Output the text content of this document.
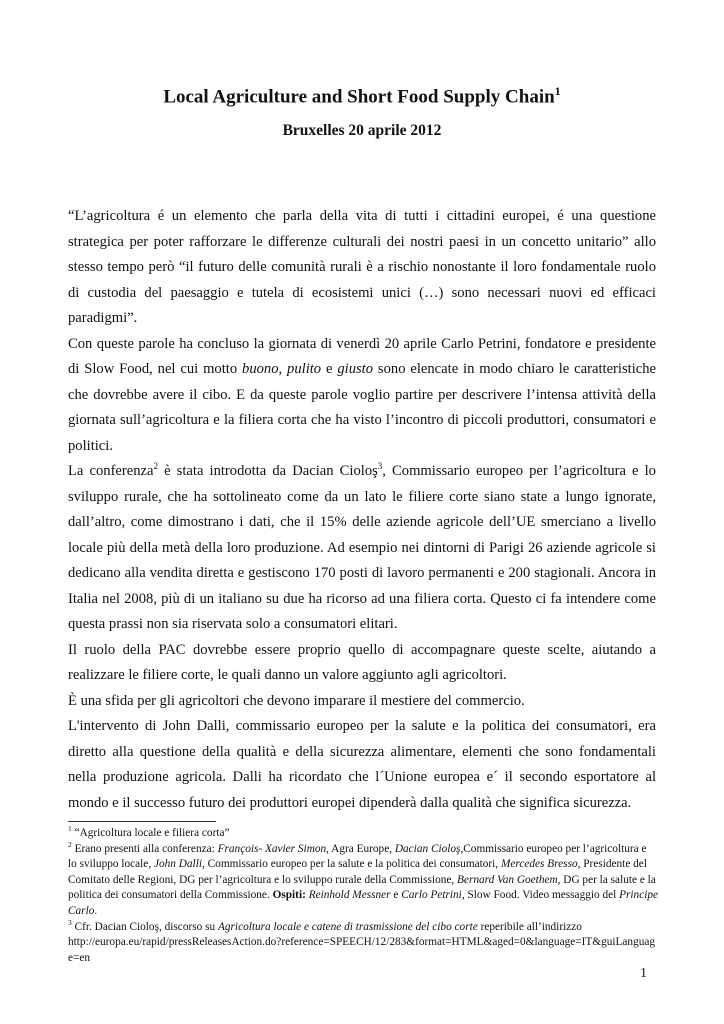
Local Agriculture and Short Food Supply Chain$^1$
Bruxelles 20 aprile 2012

“L’agricoltura é un elemento che parla della vita di tutti i cittadini europei, é una questione strategica per poter rafforzare le differenze culturali dei nostri paesi in un concetto unitario” allo stesso tempo però “il futuro delle comunità rurali è a rischio nonostante il loro fondamentale ruolo di custodia del paesaggio e tutela di ecosistemi unici (…) sono necessari nuovi ed efficaci paradigmi”.

Con queste parole ha concluso la giornata di venerdì 20 aprile Carlo Petrini, fondatore e presidente di Slow Food, nel cui motto buono, pulito e giusto sono elencate in modo chiaro le caratteristiche che dovrebbe avere il cibo. E da queste parole voglio partire per descrivere l’intensa attività della giornata sull’agricoltura e la filiera corta che ha visto l’incontro di piccoli produttori, consumatori e politici.

La conferenza$^2$ è stata introdotta da Dacian Cioloş$^3$, Commissario europeo per l’agricoltura e lo sviluppo rurale, che ha sottolineato come da un lato le filiere corte siano state a lungo ignorate, dall’altro, come dimostrano i dati, che il 15% delle aziende agricole dell’UE smerciano a livello locale più della metà della loro produzione. Ad esempio nei dintorni di Parigi 26 aziende agricole si dedicano alla vendita diretta e gestiscono 170 posti di lavoro permanenti e 200 stagionali. Ancora in Italia nel 2008, più di un italiano su due ha ricorso ad una filiera corta. Questo ci fa intendere come questa prassi non sia riservata solo a consumatori elitari.

Il ruolo della PAC dovrebbe essere proprio quello di accompagnare queste scelte, aiutando a realizzare le filiere corte, le quali danno un valore aggiunto agli agricoltori.

È una sfida per gli agricoltori che devono imparare il mestiere del commercio.

L'intervento di John Dalli, commissario europeo per la salute e la politica dei consumatori, era diretto alla questione della qualità e della sicurezza alimentare, elementi che sono fondamentali nella produzione agricola. Dalli ha ricordato che l´Unione europea e´ il secondo esportatore al mondo e il successo futuro dei produttori europei dipenderà dalla qualità che significa sicurezza.

$^1$ “Agricoltura locale e filiera corta”

$^2$ Erano presenti alla conferenza: François- Xavier Simon, Agra Europe, Dacian Cioloş,Commissario europeo per l’agricoltura e lo sviluppo locale, John Dalli, Commissario europeo per la salute e la politica dei consumatori, Mercedes Bresso, Presidente del Comitato delle Regioni, DG per l’agricoltura e lo sviluppo rurale della Commissione, Bernard Van Goethem, DG per la salute e la politica dei consumatori della Commissione. Ospiti: Reinhold Messner e Carlo Petrini, Slow Food. Video messaggio del Principe Carlo.

$^3$ Cfr. Dacian Cioloş, discorso su Agricoltura locale e catene di trasmissione del cibo corte reperibile all’indirizzo
http://europa.eu/rapid/pressReleasesAction.do?reference=SPEECH/12/283&format=HTML&aged=0&language=IT&guiLanguage=en

1
